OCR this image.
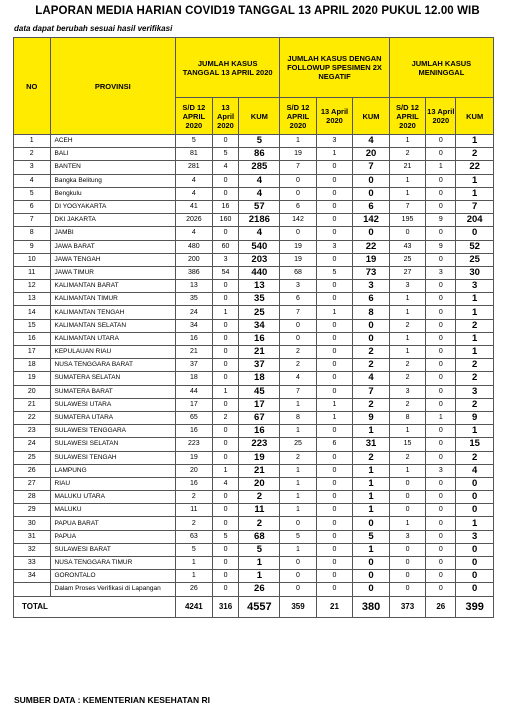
LAPORAN MEDIA HARIAN COVID19 TANGGAL 13 APRIL 2020 PUKUL 12.00 WIB
data dapat berubah sesuai hasil verifikasi
NO	PROVINSI	JUMLAH KASUS TANGGAL 13 APRIL 2020			JUMLAH KASUS DENGAN FOLLOWUP SPESIMEN 2X NEGATIF			JUMLAH KASUS MENINGGAL		
		S/D 12 APRIL 2020	13 April 2020	KUM	S/D 12 APRIL 2020	13 April 2020	KUM	S/D 12 APRIL 2020	13 April 2020	KUM
1	ACEH	5	0	5	1	3	4	1	0	1
2	BALI	81	5	86	19	1	20	2	0	2
3	BANTEN	281	4	285	7	0	7	21	1	22
4	Bangka Belitung	4	0	4	0	0	0	1	0	1
5	Bengkulu	4	0	4	0	0	0	1	0	1
6	DI YOGYAKARTA	41	16	57	6	0	6	7	0	7
7	DKI JAKARTA	2026	160	2186	142	0	142	195	9	204
8	JAMBI	4	0	4	0	0	0	0	0	0
9	JAWA BARAT	480	60	540	19	3	22	43	9	52
10	JAWA TENGAH	200	3	203	19	0	19	25	0	25
11	JAWA TIMUR	386	54	440	68	5	73	27	3	30
12	KALIMANTAN BARAT	13	0	13	3	0	3	3	0	3
13	KALIMANTAN TIMUR	35	0	35	6	0	6	1	0	1
14	KALIMANTAN TENGAH	24	1	25	7	1	8	1	0	1
15	KALIMANTAN SELATAN	34	0	34	0	0	0	2	0	2
16	KALIMANTAN UTARA	16	0	16	0	0	0	1	0	1
17	KEPULAUAN RIAU	21	0	21	2	0	2	1	0	1
18	NUSA TENGGARA BARAT	37	0	37	2	0	2	2	0	2
19	SUMATERA SELATAN	18	0	18	4	0	4	2	0	2
20	SUMATERA BARAT	44	1	45	7	0	7	3	0	3
21	SULAWESI UTARA	17	0	17	1	1	2	2	0	2
22	SUMATERA UTARA	65	2	67	8	1	9	8	1	9
23	SULAWESI TENGGARA	16	0	16	1	0	1	1	0	1
24	SULAWESI SELATAN	223	0	223	25	6	31	15	0	15
25	SULAWESI TENGAH	19	0	19	2	0	2	2	0	2
26	LAMPUNG	20	1	21	1	0	1	1	3	4
27	RIAU	16	4	20	1	0	1	0	0	0
28	MALUKU UTARA	2	0	2	1	0	1	0	0	0
29	MALUKU	11	0	11	1	0	1	0	0	0
30	PAPUA BARAT	2	0	2	0	0	0	1	0	1
31	PAPUA	63	5	68	5	0	5	3	0	3
32	SULAWESI BARAT	5	0	5	1	0	1	0	0	0
33	NUSA TENGGARA TIMUR	1	0	1	0	0	0	0	0	0
34	GORONTALO	1	0	1	0	0	0	0	0	0
	Dalam Proses Verifikasi di Lapangan	26	0	26	0	0	0	0	0	0
TOTAL		4241	316	4557	359	21	380	373	26	399
SUMBER DATA : KEMENTERIAN KESEHATAN RI
